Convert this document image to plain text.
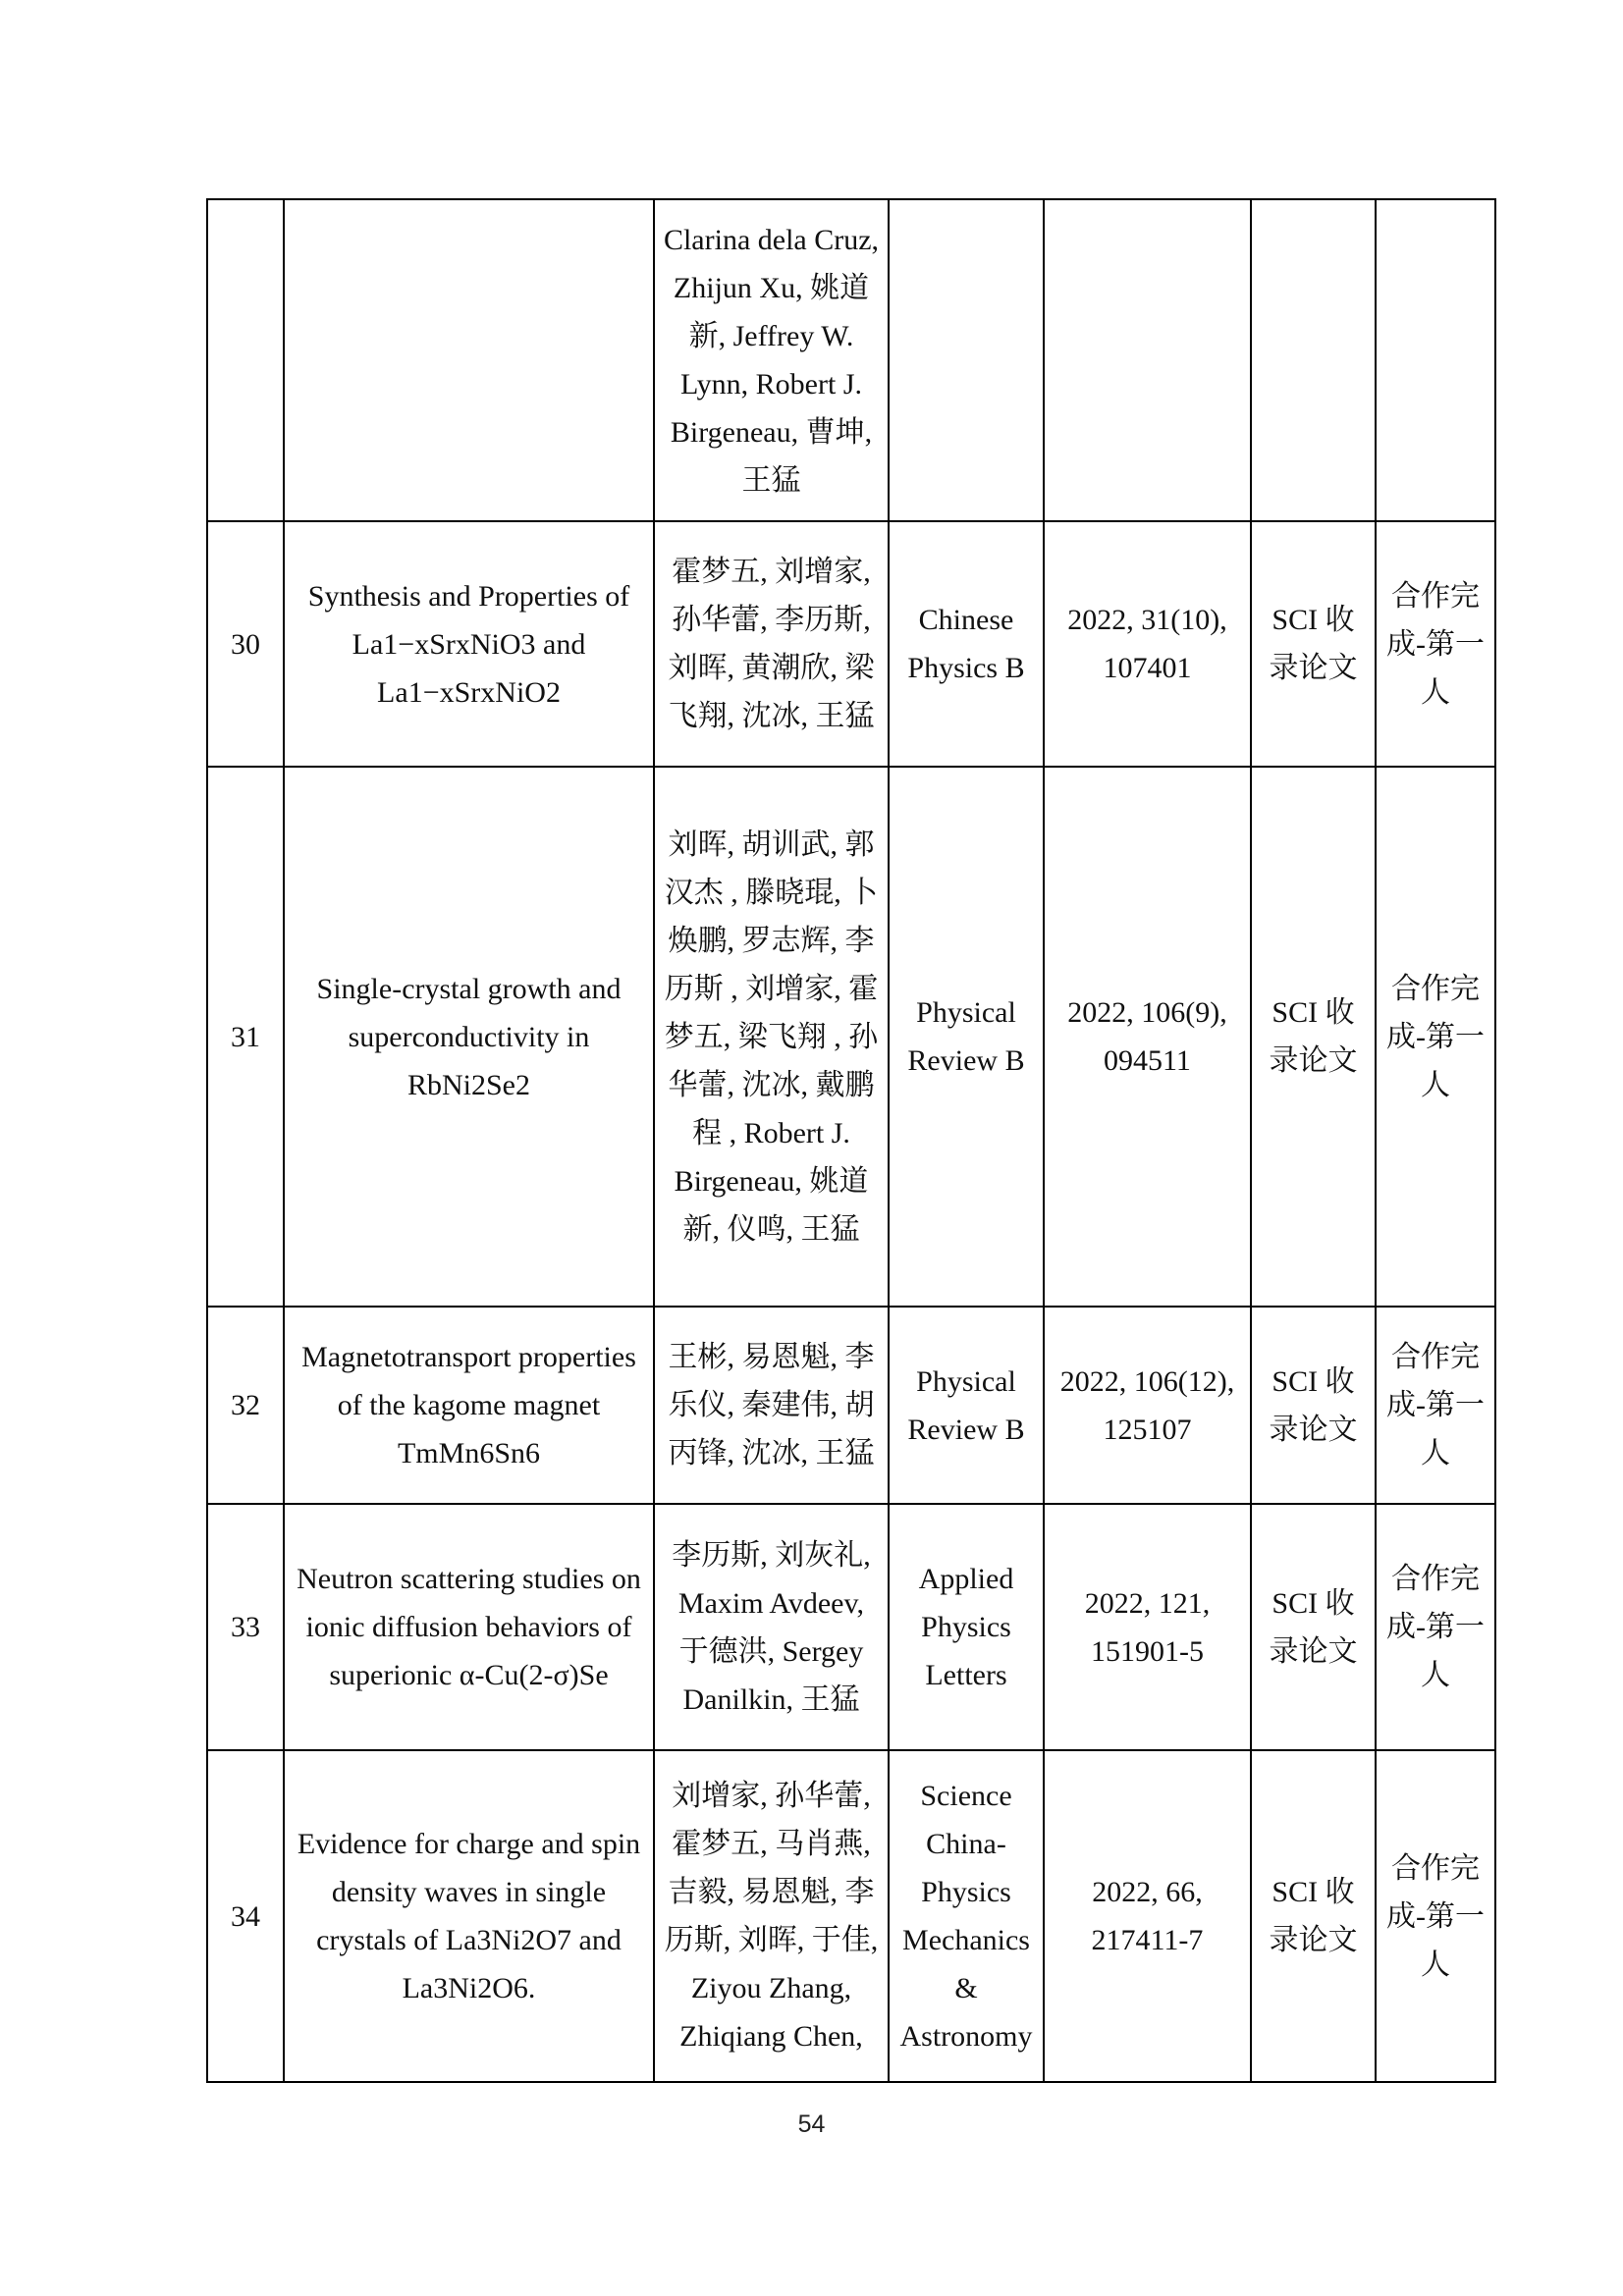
		Clarina dela Cruz, Zhijun Xu, 姚道新, Jeffrey W. Lynn, Robert J. Birgeneau, 曹坤, 王猛				
30	Synthesis and Properties of La1−xSrxNiO3 and La1−xSrxNiO2	霍梦五, 刘增家, 孙华蕾, 李历斯, 刘晖, 黄潮欣, 梁飞翔, 沈冰, 王猛	Chinese Physics B	2022, 31(10), 107401	SCI 收录论文	合作完成-第一人
31	Single-crystal growth and superconductivity in RbNi2Se2	刘晖, 胡训武, 郭汉杰 , 滕晓琨, 卜焕鹏, 罗志辉, 李历斯 , 刘增家, 霍梦五, 梁飞翔 , 孙华蕾, 沈冰, 戴鹏程 , Robert J. Birgeneau, 姚道新, 仪鸣, 王猛	Physical Review B	2022, 106(9), 094511	SCI 收录论文	合作完成-第一人
32	Magnetotransport properties of the kagome magnet TmMn6Sn6	王彬, 易恩魁, 李乐仪, 秦建伟, 胡丙锋, 沈冰, 王猛	Physical Review B	2022, 106(12), 125107	SCI 收录论文	合作完成-第一人
33	Neutron scattering studies on ionic diffusion behaviors of superionic α-Cu(2-σ)Se	李历斯, 刘灰礼, Maxim Avdeev, 于德洪, Sergey Danilkin, 王猛	Applied Physics Letters	2022, 121, 151901-5	SCI 收录论文	合作完成-第一人
34	Evidence for charge and spin density waves in single crystals of La3Ni2O7 and La3Ni2O6.	刘增家, 孙华蕾, 霍梦五, 马肖燕, 吉毅, 易恩魁, 李历斯, 刘晖, 于佳, Ziyou Zhang, Zhiqiang Chen,	Science China-Physics Mechanics & Astronomy	2022, 66, 217411-7	SCI 收录论文	合作完成-第一人
54
